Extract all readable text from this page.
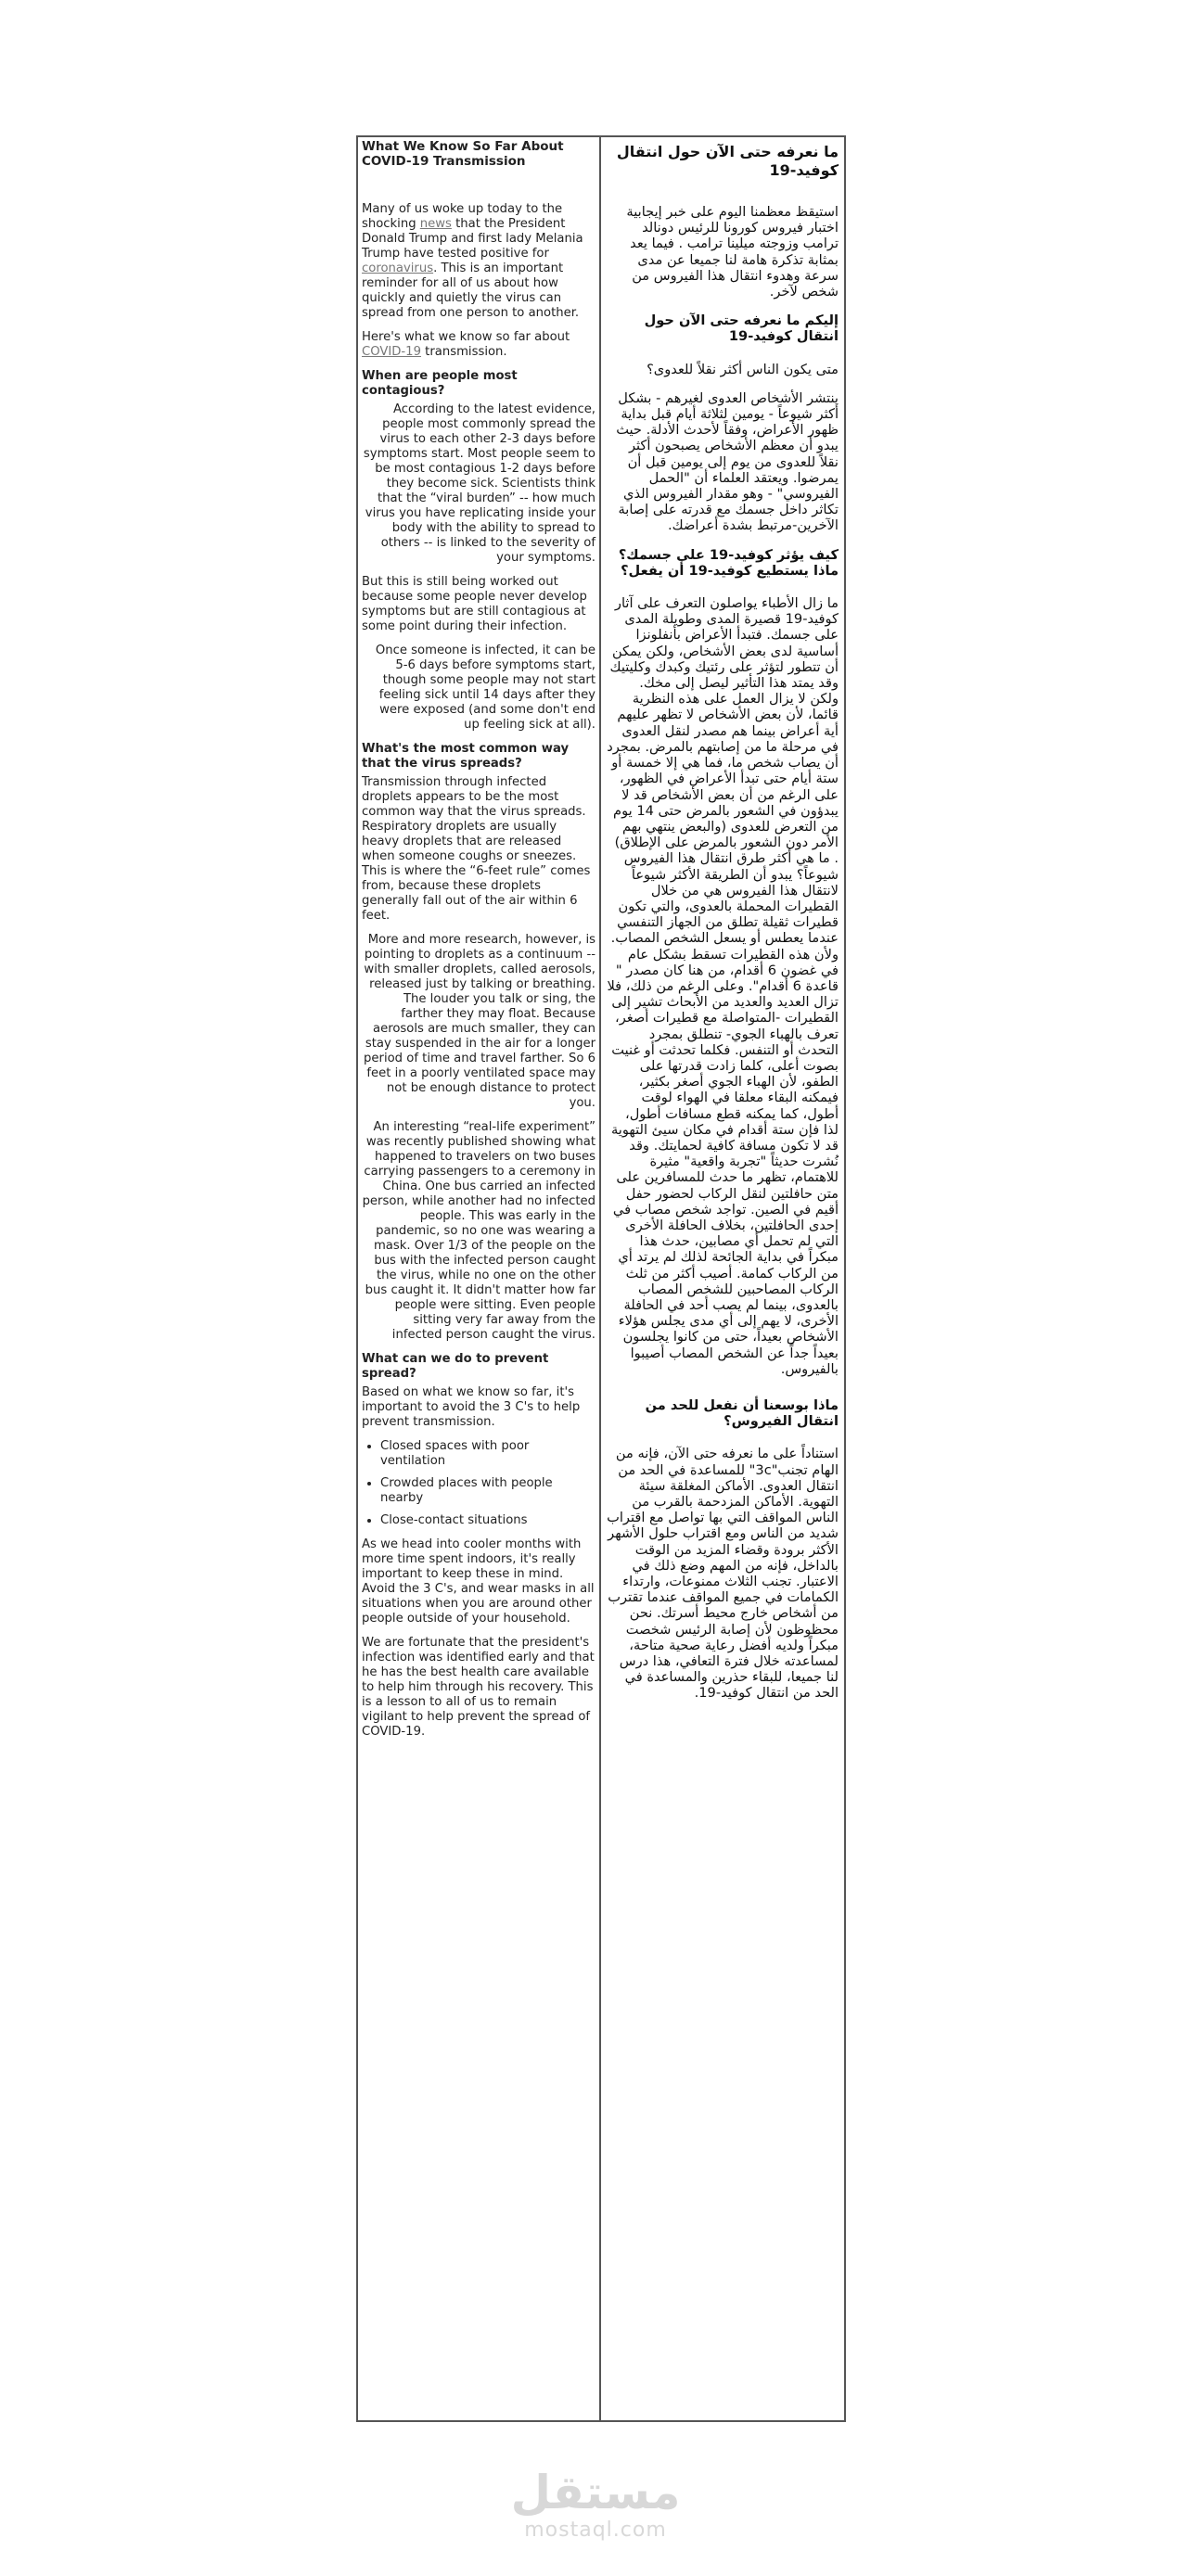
What We Know So Far About COVID-19 Transmission

Many of us woke up today to the shocking news that the President Donald Trump and first lady Melania Trump have tested positive for coronavirus. This is an important reminder for all of us about how quickly and quietly the virus can spread from one person to another.

Here's what we know so far about COVID-19 transmission.

When are people most contagious?

According to the latest evidence, people most commonly spread the virus to each other 2-3 days before symptoms start. Most people seem to be most contagious 1-2 days before they become sick. Scientists think that the “viral burden” -- how much virus you have replicating inside your body with the ability to spread to others -- is linked to the severity of your symptoms.

But this is still being worked out because some people never develop symptoms but are still contagious at some point during their infection.

Once someone is infected, it can be 5-6 days before symptoms start, though some people may not start feeling sick until 14 days after they were exposed (and some don't end up feeling sick at all).

What's the most common way that the virus spreads?

Transmission through infected droplets appears to be the most common way that the virus spreads. Respiratory droplets are usually heavy droplets that are released when someone coughs or sneezes. This is where the “6-feet rule” comes from, because these droplets generally fall out of the air within 6 feet.

More and more research, however, is pointing to droplets as a continuum -- with smaller droplets, called aerosols, released just by talking or breathing. The louder you talk or sing, the farther they may float. Because aerosols are much smaller, they can stay suspended in the air for a longer period of time and travel farther. So 6 feet in a poorly ventilated space may not be enough distance to protect you.

An interesting “real-life experiment” was recently published showing what happened to travelers on two buses carrying passengers to a ceremony in China. One bus carried an infected person, while another had no infected people. This was early in the pandemic, so no one was wearing a mask. Over 1/3 of the people on the bus with the infected person caught the virus, while no one on the other bus caught it. It didn't matter how far people were sitting. Even people sitting very far away from the infected person caught the virus.

What can we do to prevent spread?

Based on what we know so far, it's important to avoid the 3 C's to help prevent transmission.

• Closed spaces with poor ventilation
• Crowded places with people nearby
• Close-contact situations

As we head into cooler months with more time spent indoors, it's really important to keep these in mind. Avoid the 3 C's, and wear masks in all situations when you are around other people outside of your household.

We are fortunate that the president's infection was identified early and that he has the best health care available to help him through his recovery. This is a lesson to all of us to remain vigilant to help prevent the spread of COVID-19.

ما نعرفه حتى الآن حول انتقال كوفيد-19

استيقظ معظمنا اليوم على خبر إيجابية اختبار فيروس كورونا للرئيس دونالد ترامب وزوجته ميلينا ترامب . فيما يعد بمثابة تذكرة هامة لنا جميعا عن مدى سرعة وهدوء انتقال هذا الفيروس من شخص لآخر.

إليكم ما نعرفه حتى الآن حول انتقال كوفيد-19
متى يكون الناس أكثر نقلاً للعدوى؟

ينتشر الأشخاص العدوى لغيرهم - بشكل أكثر شيوعاً - يومين لثلاثة أيام قبل بداية ظهور الأعراض، وفقاً لأحدث الأدلة. حيث يبدو أن معظم الأشخاص يصبحون أكثر نقلاً للعدوى من يوم إلى يومين قبل أن يمرضوا. ويعتقد العلماء أن "الحمل الفيروسي" - وهو مقدار الفيروس الذي تكاثر داخل جسمك مع قدرته على إصابة الآخرين-مرتبط بشدة أعراضك.

كيف يؤثر كوفيد-19 على جسمك؟ ماذا يستطيع كوفيد-19 أن يفعل؟

ما زال الأطباء يواصلون التعرف على آثار كوفيد-19 قصيرة المدى وطويلة المدى على جسمك. فتبدأ الأعراض بأنفلونزا أساسية لدى بعض الأشخاص، ولكن يمكن أن تتطور لتؤثر على رئتيك وكبدك وكليتيك وقد يمتد هذا التأثير ليصل إلى مخك. ولكن لا يزال العمل على هذه النظرية قائما، لأن بعض الأشخاص لا تظهر عليهم أية أعراض بينما هم مصدر لنقل العدوى في مرحلة ما من إصابتهم بالمرض. بمجرد أن يصاب شخص ما، فما هي إلا خمسة أو ستة أيام حتى تبدأ الأعراض في الظهور، على الرغم من أن بعض الأشخاص قد لا يبدؤون في الشعور بالمرض حتى 14 يوم من التعرض للعدوى (والبعض ينتهي بهم الأمر دون الشعور بالمرض على الإطلاق) . ما هي أكثر طرق انتقال هذا الفيروس شيوعاً؟ يبدو أن الطريقة الأكثر شيوعاً لانتقال هذا الفيروس هي من خلال القطيرات المحملة بالعدوى، والتي تكون قطيرات ثقيلة تطلق من الجهاز التنفسي عندما يعطس أو يسعل الشخص المصاب. ولأن هذه القطيرات تسقط بشكل عام في غضون 6 أقدام، من هنا كان مصدر " قاعدة 6 أقدام". وعلى الرغم من ذلك، فلا تزال العديد والعديد من الأبحاث تشير إلى القطيرات -المتواصلة مع قطيرات أصغر، تعرف بالهباء الجوي- تنطلق بمجرد التحدث أو التنفس. فكلما تحدثت أو غنيت بصوت أعلى، كلما زادت قدرتها على الطفو، لأن الهباء الجوي أصغر بكثير، فيمكنه البقاء معلقا في الهواء لوقت أطول، كما يمكنه قطع مسافات أطول، لذا فإن ستة أقدام في مكان سيئ التهوية قد لا تكون مسافة كافية لحمايتك. وقد نُشرت حديثاً "تجربة واقعية" مثيرة للاهتمام، تظهر ما حدث للمسافرين على متن حافلتين لنقل الركاب لحضور حفل أقيم في الصين. تواجد شخص مصاب في إحدى الحافلتين، بخلاف الحافلة الأخرى التي لم تحمل أي مصابين، حدث هذا مبكراً في بداية الجائحة لذلك لم يرتد أي من الركاب كمامة. أصيب أكثر من ثلث الركاب المصاحبين للشخص المصاب بالعدوى، بينما لم يصب أحد في الحافلة الأخرى، لا يهم إلى أي مدى يجلس هؤلاء الأشخاص بعيداً، حتى من كانوا يجلسون بعيداً جداً عن الشخص المصاب أصيبوا بالفيروس.

ماذا بوسعنا أن نفعل للحد من انتقال الفيروس؟

استناداً على ما نعرفه حتى الآن، فإنه من الهام تجنب"3c" للمساعدة في الحد من انتقال العدوى. الأماكن المغلقة سيئة التهوية. الأماكن المزدحمة بالقرب من الناس المواقف التي بها تواصل مع اقتراب شديد من الناس ومع اقتراب حلول الأشهر الأكثر برودة وقضاء المزيد من الوقت بالداخل، فإنه من المهم وضع ذلك في الاعتبار. تجنب الثلاث ممنوعات، وارتداء الكمامات في جميع المواقف عندما تقترب من أشخاص خارج محيط أسرتك. نحن محظوظون لأن إصابة الرئيس شخصت مبكراً ولديه أفضل رعاية صحية متاحة، لمساعدته خلال فترة التعافي، هذا درس لنا جميعا، للبقاء حذرين والمساعدة في الحد من انتقال كوفيد-19.

مستقل
mostaql.com
